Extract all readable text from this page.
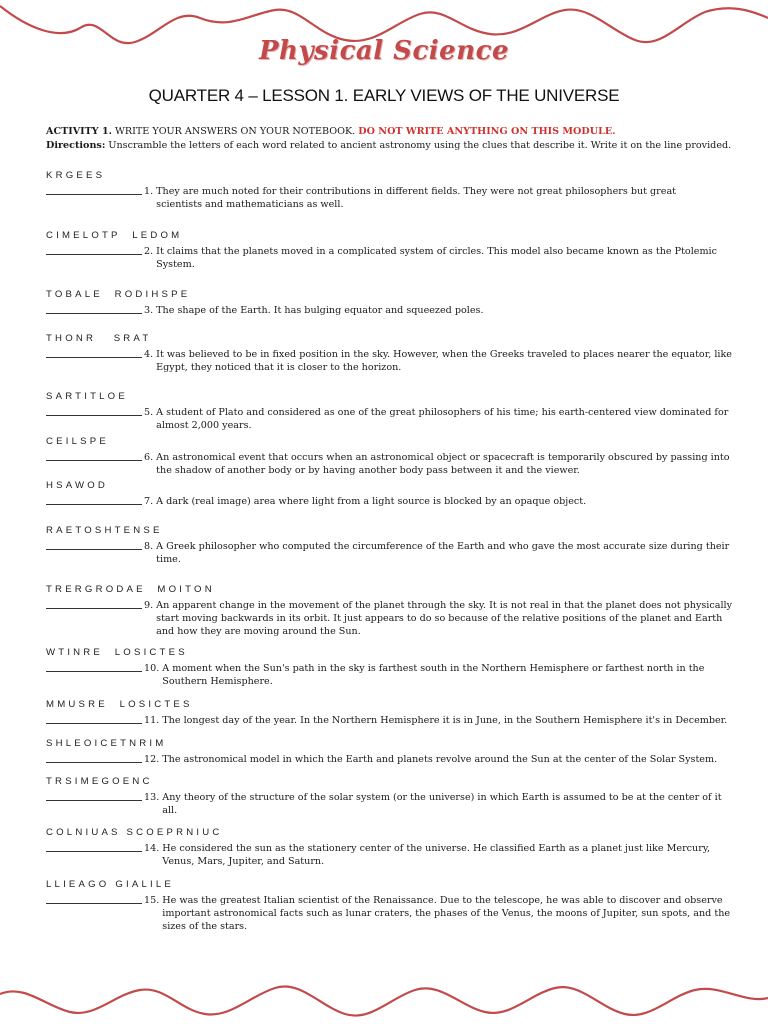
Physical Science
QUARTER 4 – LESSON 1. EARLY VIEWS OF THE UNIVERSE
ACTIVITY 1. WRITE YOUR ANSWERS ON YOUR NOTEBOOK. DO NOT WRITE ANYTHING ON THIS MODULE.
Directions: Unscramble the letters of each word related to ancient astronomy using the clues that describe it. Write it on the line provided.
KRGEES
1. They are much noted for their contributions in different fields. They were not great philosophers but great scientists and mathematicians as well.
CIMELOTP  LEDOM
2. It claims that the planets moved in a complicated system of circles. This model also became known as the Ptolemic System.
TOBALE  RODIHSPE
3. The shape of the Earth. It has bulging equator and squeezed poles.
THONR   SRAT
4. It was believed to be in fixed position in the sky. However, when the Greeks traveled to places nearer the equator, like Egypt, they noticed that it is closer to the horizon.
SARTITLOE
5. A student of Plato and considered as one of the great philosophers of his time; his earth-centered view dominated for almost 2,000 years.
CEILSPE
6. An astronomical event that occurs when an astronomical object or spacecraft is temporarily obscured by passing into the shadow of another body or by having another body pass between it and the viewer.
HSAWOD
7. A dark (real image) area where light from a light source is blocked by an opaque object.
RAETOSHTENSE
8. A Greek philosopher who computed the circumference of the Earth and who gave the most accurate size during their time.
TRERGRODAE  MOITON
9. An apparent change in the movement of the planet through the sky. It is not real in that the planet does not physically start moving backwards in its orbit. It just appears to do so because of the relative positions of the planet and Earth and how they are moving around the Sun.
WTINRE  LOSICTES
10. A moment when the Sun's path in the sky is farthest south in the Northern Hemisphere or farthest north in the Southern Hemisphere.
MMUSRE  LOSICTES
11. The longest day of the year. In the Northern Hemisphere it is in June, in the Southern Hemisphere it's in December.
SHLEOICETNRIM
12. The astronomical model in which the Earth and planets revolve around the Sun at the center of the Solar System.
TRSIMEGOENC
13. Any theory of the structure of the solar system (or the universe) in which Earth is assumed to be at the center of it all.
COLNIUAS SCOEPRNIUC
14. He considered the sun as the stationery center of the universe. He classified Earth as a planet just like Mercury, Venus, Mars, Jupiter, and Saturn.
LLIEAGO GIALILE
15. He was the greatest Italian scientist of the Renaissance. Due to the telescope, he was able to discover and observe important astronomical facts such as lunar craters, the phases of the Venus, the moons of Jupiter, sun spots, and the sizes of the stars.
